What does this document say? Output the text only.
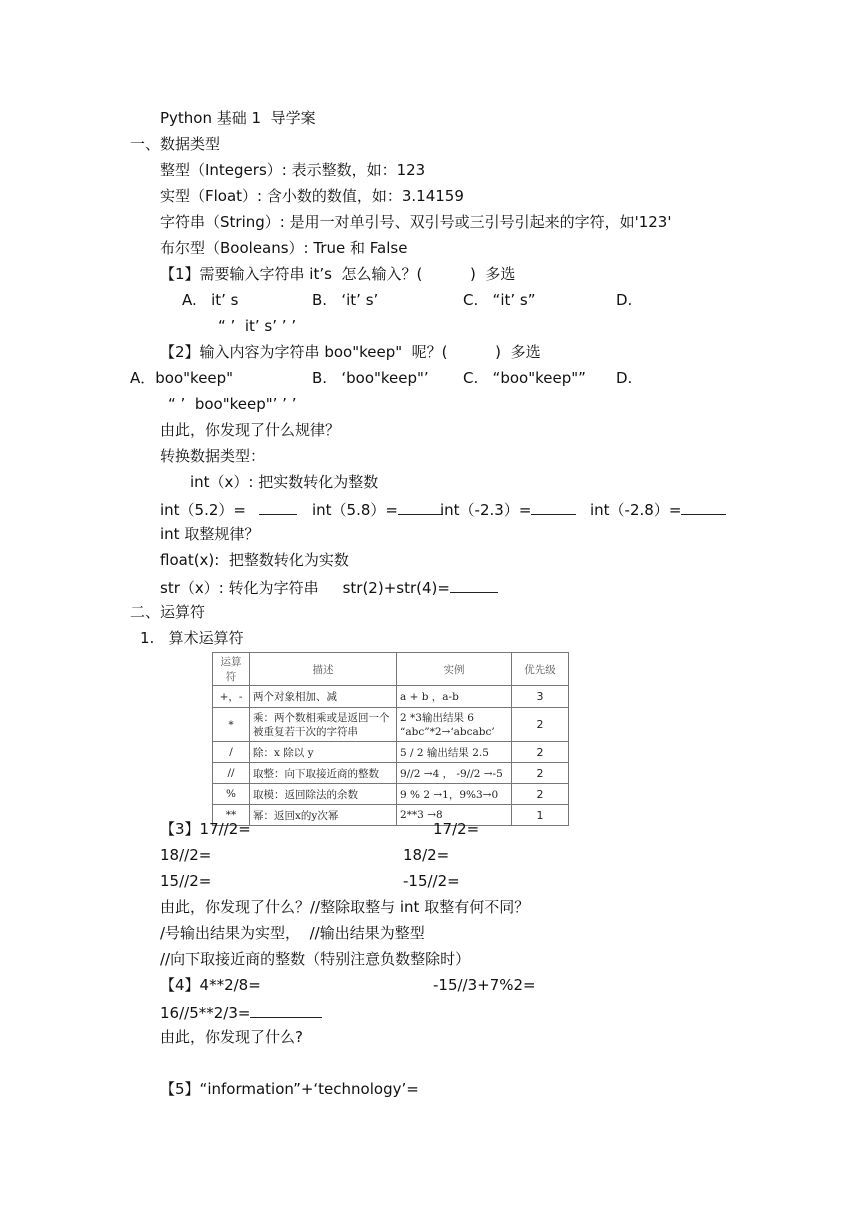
Python 基础 1  导学案
一、数据类型
整型（Integers）: 表示整数，如：123
实型（Float）: 含小数的数值，如：3.14159
字符串（String）: 是用一对单引号、双引号或三引号引起来的字符，如'123'
布尔型（Booleans）: True 和 False
【1】需要输入字符串 it’s  怎么输入？(          )  多选
A.   it’ s	B.   ‘it’ s’	C.   “it’ s”	D.
“ ’  it’ s’ ’ ’
【2】输入内容为字符串 boo"keep"  呢？(          )  多选
A．boo"keep"	B.   ‘boo"keep"’ C.   “boo"keep"” D.
“ ’  boo"keep"’ ’ ’
由此，你发现了什么规律？
转换数据类型：
int（x）: 把实数转化为整数
int（5.2）=	int（5.8）=	int（-2.3）=	int（-2.8）=
int 取整规律？
float(x):  把整数转化为实数
str（x）: 转化为字符串 str(2)+str(4)=
二、运算符
1.   算术运算符
运算符	描述	实例	优先级
+，-	两个对象相加、减	a + b ，a-b	3
*	乘：两个数相乘或是返回一个被重复若干次的字符串	2 *3输出结果 6
“abc”*2→‘abcabc’	2
/	除：x 除以 y	5 / 2 输出结果 2.5	2
//	取整：向下取接近商的整数	9//2 →4 ， -9//2 →-5	2
%	取模：返回除法的余数	9 % 2 →1，9%3→0	2
**	幂：返回x的y次幂	2**3 →8	1
【3】17//2=	17/2=
18//2=	18/2=
15//2=	-15//2=
由此，你发现了什么？//整除取整与 int 取整有何不同？
/号输出结果为实型，  //输出结果为整型
//向下取接近商的整数（特别注意负数整除时）
【4】4**2/8=	-15//3+7%2=
16//5**2/3=
由此，你发现了什么?
【5】“information”+‘technology’=
